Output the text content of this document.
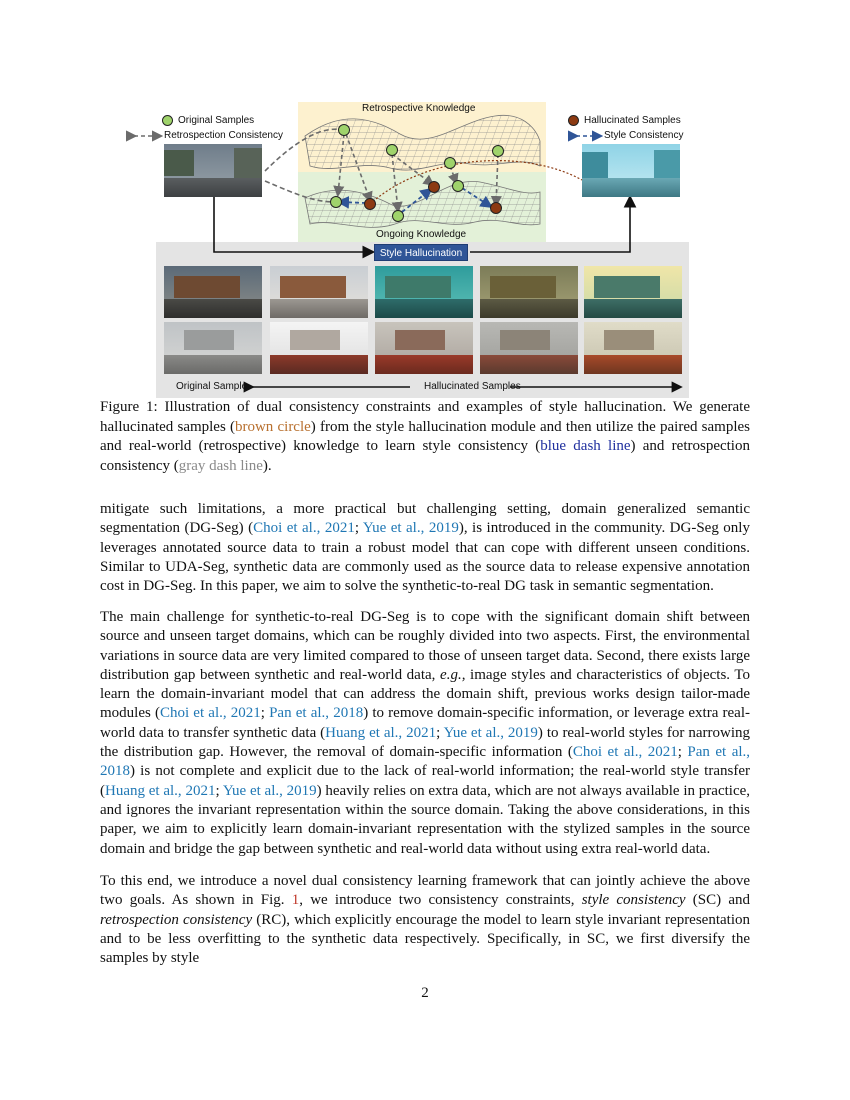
Retrospective Knowledge
Ongoing Knowledge
Original Samples
Retrospection Consistency
Hallucinated Samples
Style Consistency
Style Hallucination
Original Sample	Hallucinated Samples
Figure 1: Illustration of dual consistency constraints and examples of style hallucination. We generate hallucinated samples (brown circle) from the style hallucination module and then utilize the paired samples and real-world (retrospective) knowledge to learn style consistency (blue dash line) and retrospection consistency (gray dash line).

mitigate such limitations, a more practical but challenging setting, domain generalized semantic segmentation (DG-Seg) (Choi et al., 2021; Yue et al., 2019), is introduced in the community. DG-Seg only leverages annotated source data to train a robust model that can cope with different unseen conditions. Similar to UDA-Seg, synthetic data are commonly used as the source data to release expensive annotation cost in DG-Seg. In this paper, we aim to solve the synthetic-to-real DG task in semantic segmentation.

The main challenge for synthetic-to-real DG-Seg is to cope with the significant domain shift between source and unseen target domains, which can be roughly divided into two aspects. First, the environmental variations in source data are very limited compared to those of unseen target data. Second, there exists large distribution gap between synthetic and real-world data, e.g., image styles and characteristics of objects. To learn the domain-invariant model that can address the domain shift, previous works design tailor-made modules (Choi et al., 2021; Pan et al., 2018) to remove domain-specific information, or leverage extra real-world data to transfer synthetic data (Huang et al., 2021; Yue et al., 2019) to real-world styles for narrowing the distribution gap. However, the removal of domain-specific information (Choi et al., 2021; Pan et al., 2018) is not complete and explicit due to the lack of real-world information; the real-world style transfer (Huang et al., 2021; Yue et al., 2019) heavily relies on extra data, which are not always available in practice, and ignores the invariant representation within the source domain. Taking the above considerations, in this paper, we aim to explicitly learn domain-invariant representation with the stylized samples in the source domain and bridge the gap between synthetic and real-world data without using extra real-world data.

To this end, we introduce a novel dual consistency learning framework that can jointly achieve the above two goals. As shown in Fig. 1, we introduce two consistency constraints, style consistency (SC) and retrospection consistency (RC), which explicitly encourage the model to learn style invariant representation and to be less overfitting to the synthetic data respectively. Specifically, in SC, we first diversify the samples by style

2
